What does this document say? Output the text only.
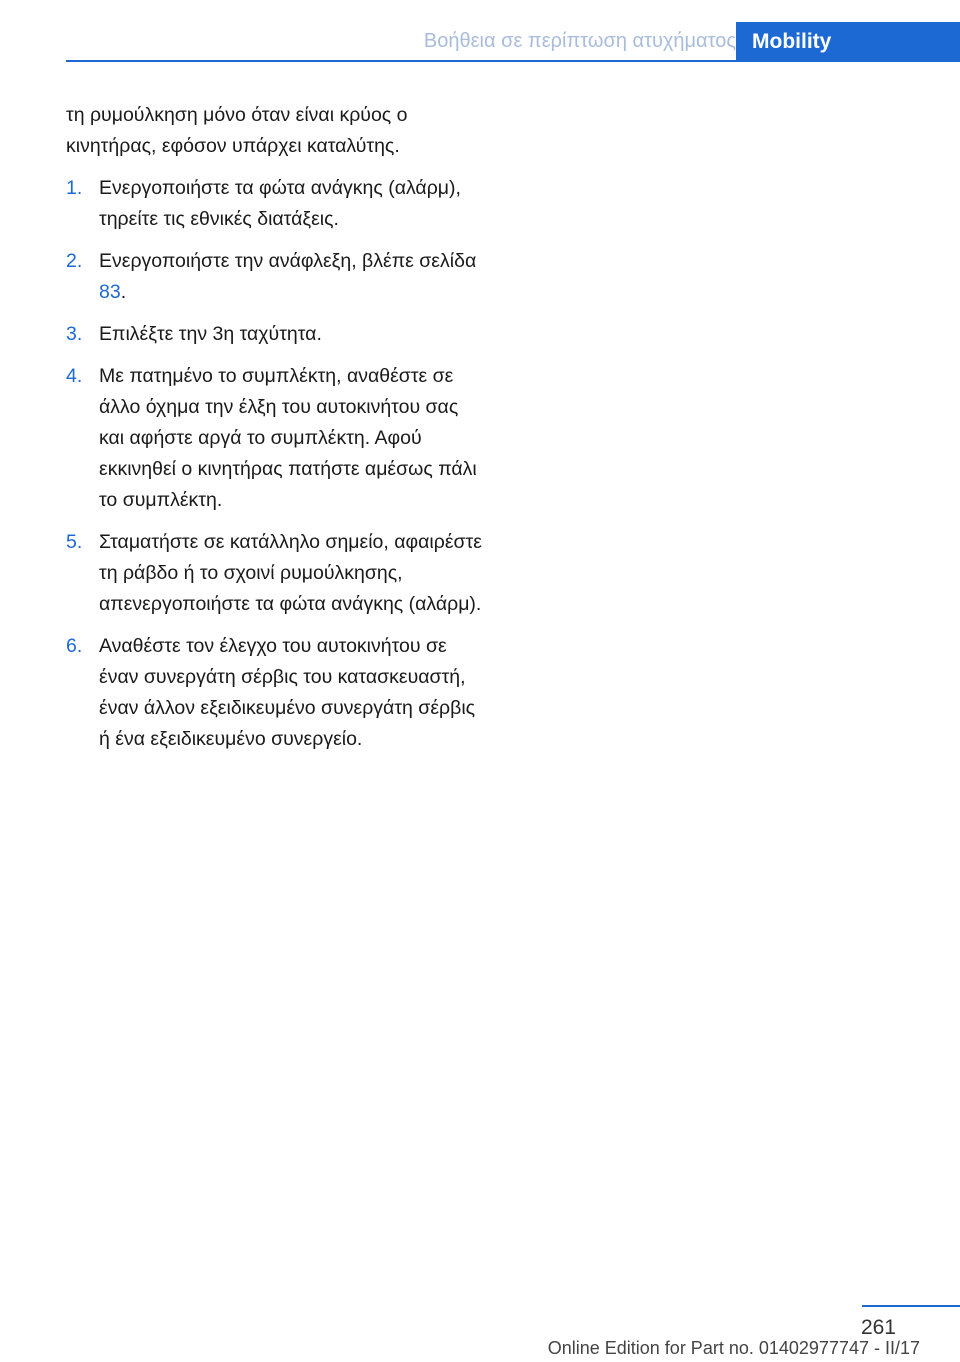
Βοήθεια σε περίπτωση ατυχήματος Mobility

τη ρυμούλκηση μόνο όταν είναι κρύος ο κινητήρας, εφόσον υπάρχει καταλύτης.

1. Ενεργοποιήστε τα φώτα ανάγκης (αλάρμ), τηρείτε τις εθνικές διατάξεις.
2. Ενεργοποιήστε την ανάφλεξη, βλέπε σελίδα 83.
3. Επιλέξτε την 3η ταχύτητα.
4. Με πατημένο το συμπλέκτη, αναθέστε σε άλλο όχημα την έλξη του αυτοκινήτου σας και αφήστε αργά το συμπλέκτη. Αφού εκκινηθεί ο κινητήρας πατήστε αμέσως πάλι το συμπλέκτη.
5. Σταματήστε σε κατάλληλο σημείο, αφαιρέστε τη ράβδο ή το σχοινί ρυμούλκησης, απενεργοποιήστε τα φώτα ανάγκης (αλάρμ).
6. Αναθέστε τον έλεγχο του αυτοκινήτου σε έναν συνεργάτη σέρβις του κατασκευαστή, έναν άλλον εξειδικευμένο συνεργάτη σέρβις ή ένα εξειδικευμένο συνεργείο.
261
Online Edition for Part no. 01402977747 - II/17
